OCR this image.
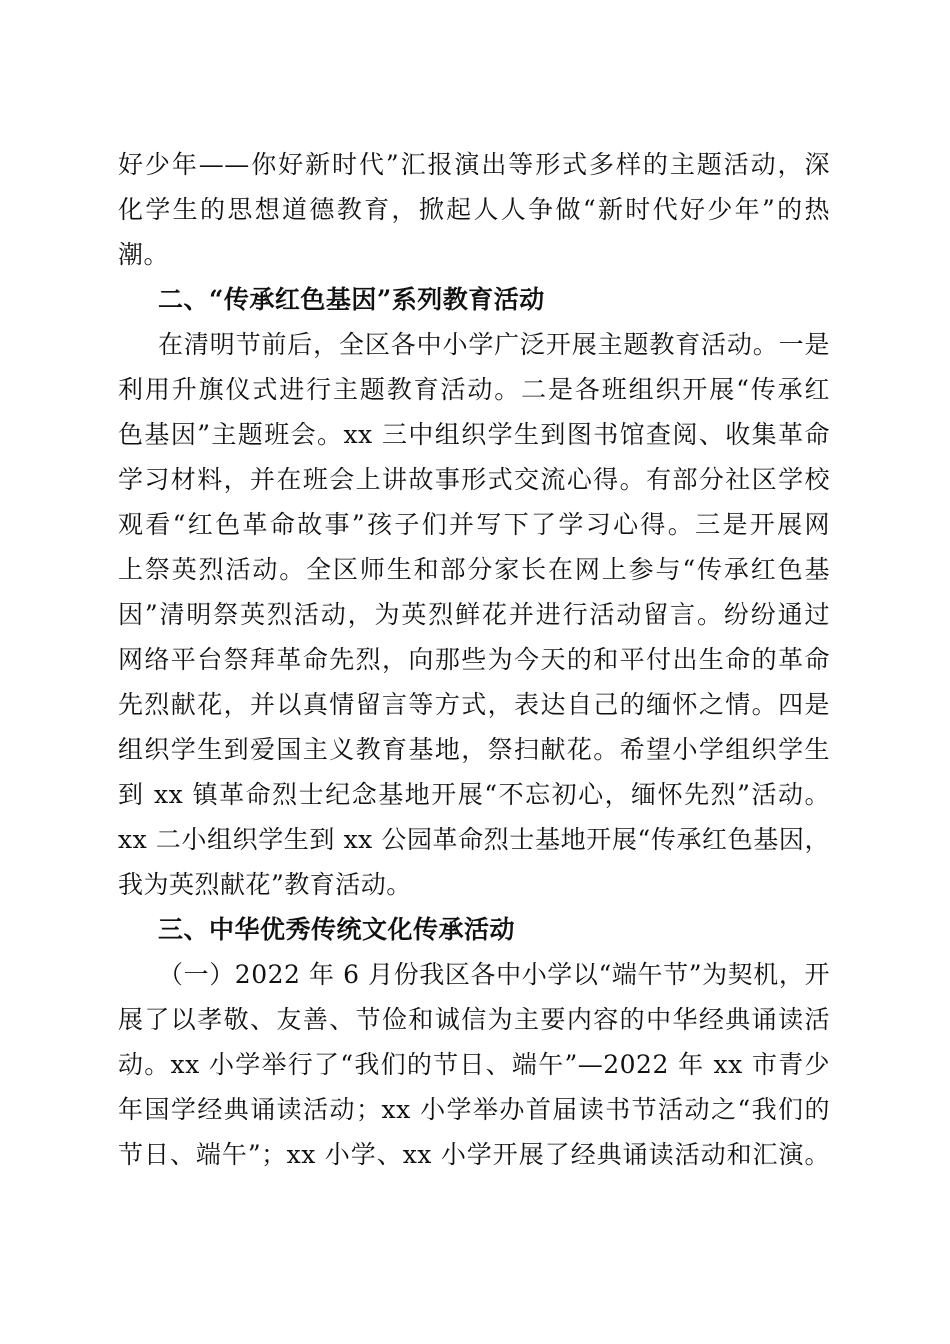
好少年——你好新时代”汇报演出等形式多样的主题活动，深
化学生的思想道德教育，掀起人人争做“新时代好少年”的热
潮。
二、“传承红色基因”系列教育活动
在清明节前后，全区各中小学广泛开展主题教育活动。一是
利用升旗仪式进行主题教育活动。二是各班组织开展“传承红
色基因”主题班会。xx 三中组织学生到图书馆查阅、收集革命
学习材料，并在班会上讲故事形式交流心得。有部分社区学校
观看“红色革命故事”孩子们并写下了学习心得。三是开展网
上祭英烈活动。全区师生和部分家长在网上参与“传承红色基
因”清明祭英烈活动，为英烈鲜花并进行活动留言。纷纷通过
网络平台祭拜革命先烈，向那些为今天的和平付出生命的革命
先烈献花，并以真情留言等方式，表达自己的缅怀之情。四是
组织学生到爱国主义教育基地，祭扫献花。希望小学组织学生
到 xx 镇革命烈士纪念基地开展“不忘初心，缅怀先烈”活动。
xx 二小组织学生到 xx 公园革命烈士基地开展“传承红色基因，
我为英烈献花”教育活动。
三、中华优秀传统文化传承活动
（一）2022 年 6 月份我区各中小学以“端午节”为契机，开
展了以孝敬、友善、节俭和诚信为主要内容的中华经典诵读活
动。xx 小学举行了“我们的节日、端午”—2022 年 xx 市青少
年国学经典诵读活动；xx 小学举办首届读书节活动之“我们的
节日、端午”；xx 小学、xx 小学开展了经典诵读活动和汇演。
